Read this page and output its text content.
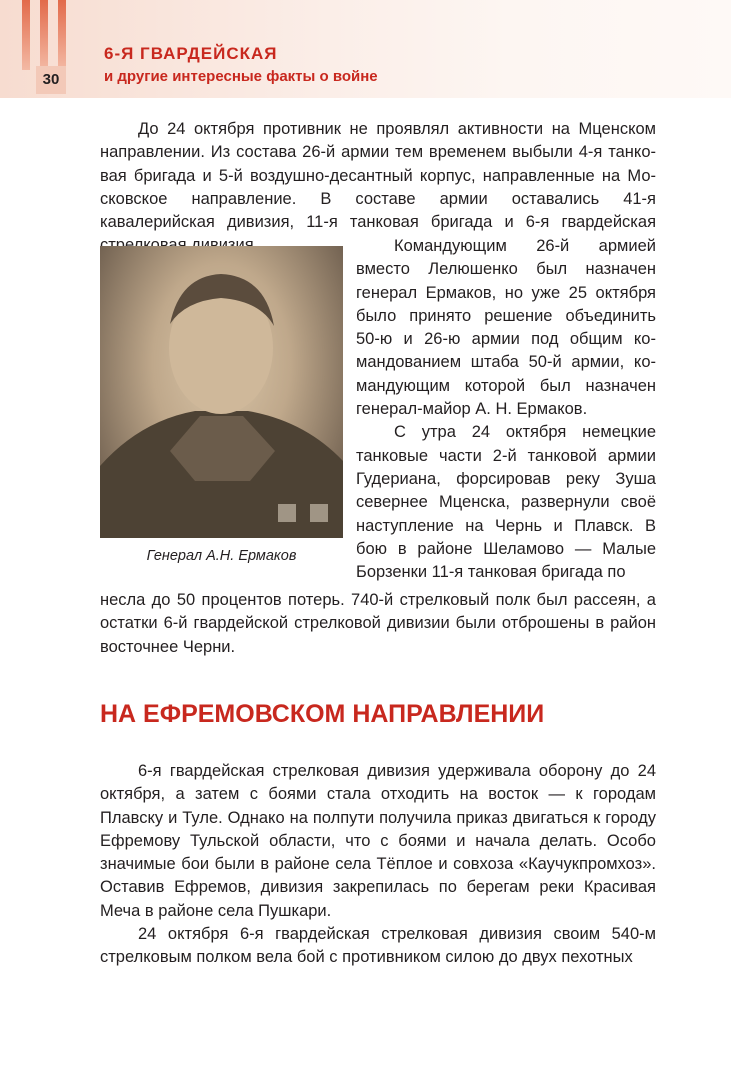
30
6-Я ГВАРДЕЙСКАЯ
и другие интересные факты о войне

До 24 октября противник не проявлял активности на Мценском направлении. Из состава 26-й армии тем временем выбыли 4-я танковая бригада и 5-й воздушно-десантный корпус, направленные на Московское направление. В составе армии оставались 41-я кавалерийская дивизия, 11-я танковая бригада и 6-я гвардейская

Генерал А.Н. Ермаков

Командующим 26-й армией вместо Лелюшенко был назначен генерал Ермаков, но уже 25 октября было принято решение объединить 50-ю и 26-ю армии под общим командованием штаба 50-й армии, командующим которой был назначен генерал-майор А. Н. Ермаков.

С утра 24 октября немецкие танковые части 2-й танковой армии Гудериана, форсировав реку Зуша севернее Мценска, развернули своё наступление на Чернь и Плавск. В бою в районе Шеламово — Малые Борзенки 11-я танковая бригада по

несла до 50 процентов потерь. 740-й стрелковый полк был рассеян, а остатки 6-й гвардейской стрелковой дивизии были отброшены в район восточнее Черни.

НА ЕФРЕМОВСКОМ НАПРАВЛЕНИИ

6-я гвардейская стрелковая дивизия удерживала оборону до 24 октября, а затем с боями стала отходить на восток — к городам Плавску и Туле. Однако на полпути получила приказ двигаться к городу Ефремову Тульской области, что с боями и начала делать. Особо значимые бои были в районе села Тёплое и совхоза «Каучукпромхоз». Оставив Ефремов, дивизия закрепилась по берегам реки Красивая Меча в районе села Пушкари.

24 октября 6-я гвардейская стрелковая дивизия своим 540-м стрелковым полком вела бой с противником силою до двух пехотных
